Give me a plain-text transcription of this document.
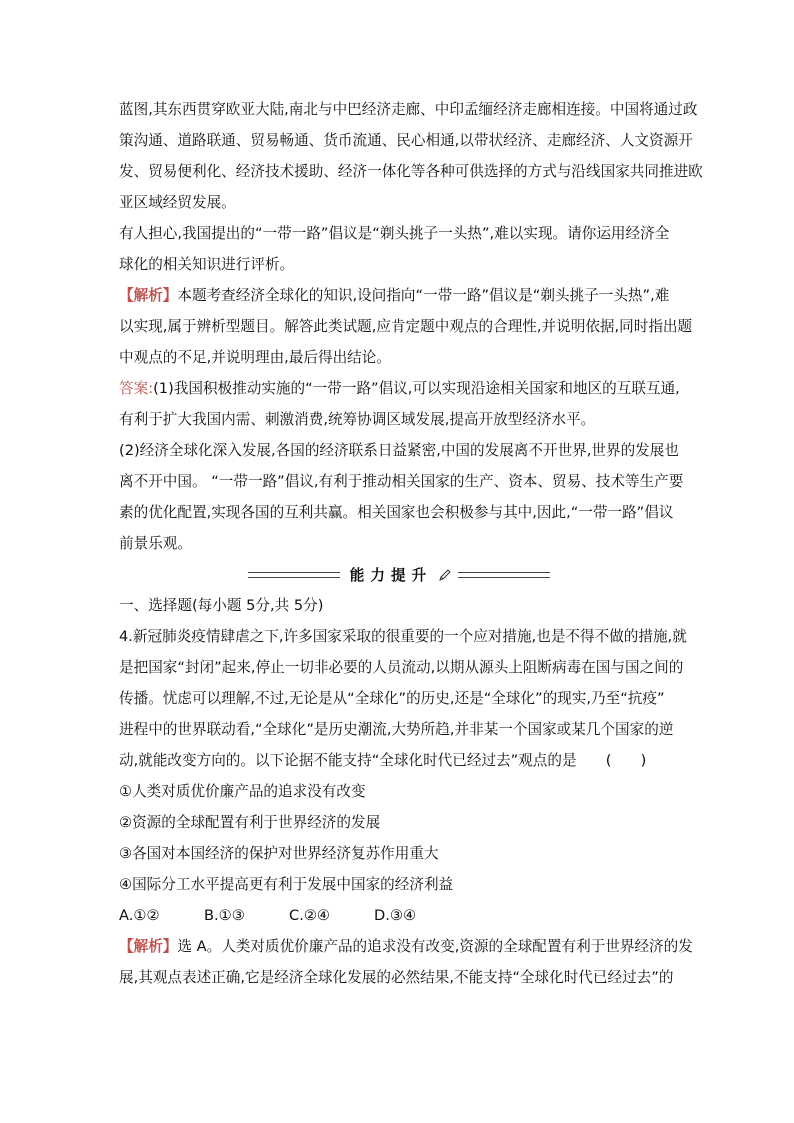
蓝图,其东西贯穿欧亚大陆,南北与中巴经济走廊、中印孟缅经济走廊相连接。中国将通过政
策沟通、道路联通、贸易畅通、货币流通、民心相通,以带状经济、走廊经济、人文资源开
发、贸易便利化、经济技术援助、经济一体化等各种可供选择的方式与沿线国家共同推进欧
亚区域经贸发展。
有人担心,我国提出的“一带一路”倡议是“剃头挑子一头热”,难以实现。请你运用经济全
球化的相关知识进行评析。
【解析】本题考查经济全球化的知识,设问指向“一带一路”倡议是“剃头挑子一头热”,难
以实现,属于辨析型题目。解答此类试题,应肯定题中观点的合理性,并说明依据,同时指出题
中观点的不足,并说明理由,最后得出结论。
答案:(1)我国积极推动实施的“一带一路”倡议,可以实现沿途相关国家和地区的互联互通,
有利于扩大我国内需、刺激消费,统筹协调区域发展,提高开放型经济水平。
(2)经济全球化深入发展,各国的经济联系日益紧密,中国的发展离不开世界,世界的发展也
离不开中国。 “一带一路”倡议,有利于推动相关国家的生产、资本、贸易、技术等生产要
素的优化配置,实现各国的互利共赢。相关国家也会积极参与其中,因此,“一带一路”倡议
前景乐观。
能力提升
一、选择题(每小题 5分,共 5分)
4.新冠肺炎疫情肆虐之下,许多国家采取的很重要的一个应对措施,也是不得不做的措施,就
是把国家“封闭”起来,停止一切非必要的人员流动,以期从源头上阻断病毒在国与国之间的
传播。忧虑可以理解,不过,无论是从“全球化”的历史,还是“全球化”的现实,乃至“抗疫”
进程中的世界联动看,“全球化”是历史潮流,大势所趋,并非某一个国家或某几个国家的逆
动,就能改变方向的。以下论据不能支持“全球化时代已经过去”观点的是　　(　　)
①人类对质优价廉产品的追求没有改变
②资源的全球配置有利于世界经济的发展
③各国对本国经济的保护对世界经济复苏作用重大
④国际分工水平提高更有利于发展中国家的经济利益
A.①②	B.①③	C.②④	D.③④
【解析】选 A。人类对质优价廉产品的追求没有改变,资源的全球配置有利于世界经济的发
展,其观点表述正确,它是经济全球化发展的必然结果,不能支持“全球化时代已经过去”的
